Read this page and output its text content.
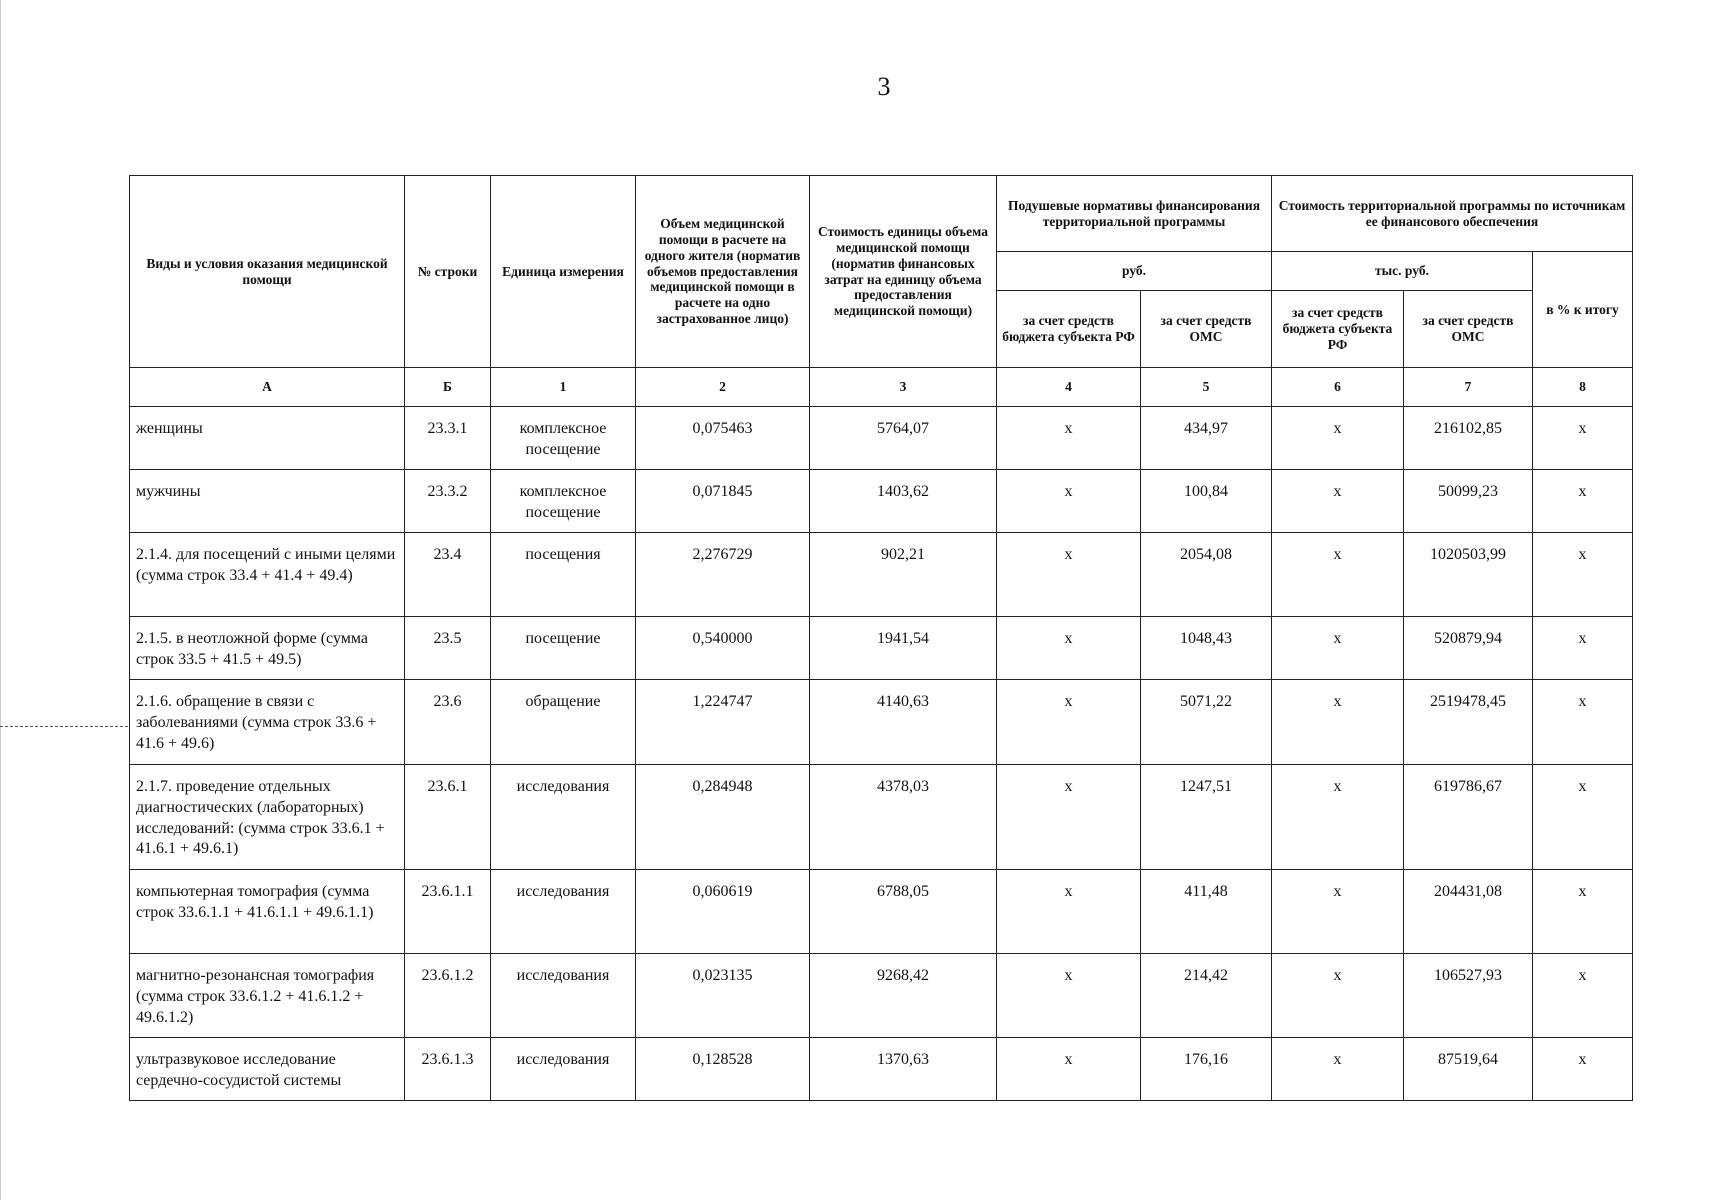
3
Виды и условия оказания медицинской помощи	№ строки	Единица измерения	Объем медицинской помощи в расчете на одного жителя (норматив объемов предоставления медицинской помощи в расчете на одно застрахованное лицо)	Стоимость единицы объема медицинской помощи (норматив финансовых затрат на единицу объема предоставления медицинской помощи)	Подушевые нормативы финансирования территориальной программы		Стоимость территориальной программы по источникам ее финансового обеспечения		
					руб.		тыс. руб.		в % к итогу
					за счет средств бюджета субъекта РФ	за счет средств ОМС	за счет средств бюджета субъекта РФ	за счет средств ОМС	
А	Б	1	2	3	4	5	6	7	8
женщины	23.3.1	комплексное посещение	0,075463	5764,07	х	434,97	х	216102,85	х
мужчины	23.3.2	комплексное посещение	0,071845	1403,62	х	100,84	х	50099,23	х
2.1.4. для посещений с иными целями (сумма строк 33.4 + 41.4 + 49.4)	23.4	посещения	2,276729	902,21	х	2054,08	х	1020503,99	х
2.1.5. в неотложной форме (сумма строк 33.5 + 41.5 + 49.5)	23.5	посещение	0,540000	1941,54	х	1048,43	х	520879,94	х
2.1.6. обращение в связи с заболеваниями (сумма строк 33.6 + 41.6 + 49.6)	23.6	обращение	1,224747	4140,63	х	5071,22	х	2519478,45	х
2.1.7. проведение отдельных диагностических (лабораторных) исследований: (сумма строк 33.6.1 + 41.6.1 + 49.6.1)	23.6.1	исследования	0,284948	4378,03	х	1247,51	х	619786,67	х
компьютерная томография (сумма строк 33.6.1.1 + 41.6.1.1 + 49.6.1.1)	23.6.1.1	исследования	0,060619	6788,05	х	411,48	х	204431,08	х
магнитно-резонансная томография (сумма строк 33.6.1.2 + 41.6.1.2 + 49.6.1.2)	23.6.1.2	исследования	0,023135	9268,42	х	214,42	х	106527,93	х
ультразвуковое исследование сердечно-сосудистой системы	23.6.1.3	исследования	0,128528	1370,63	х	176,16	х	87519,64	х
